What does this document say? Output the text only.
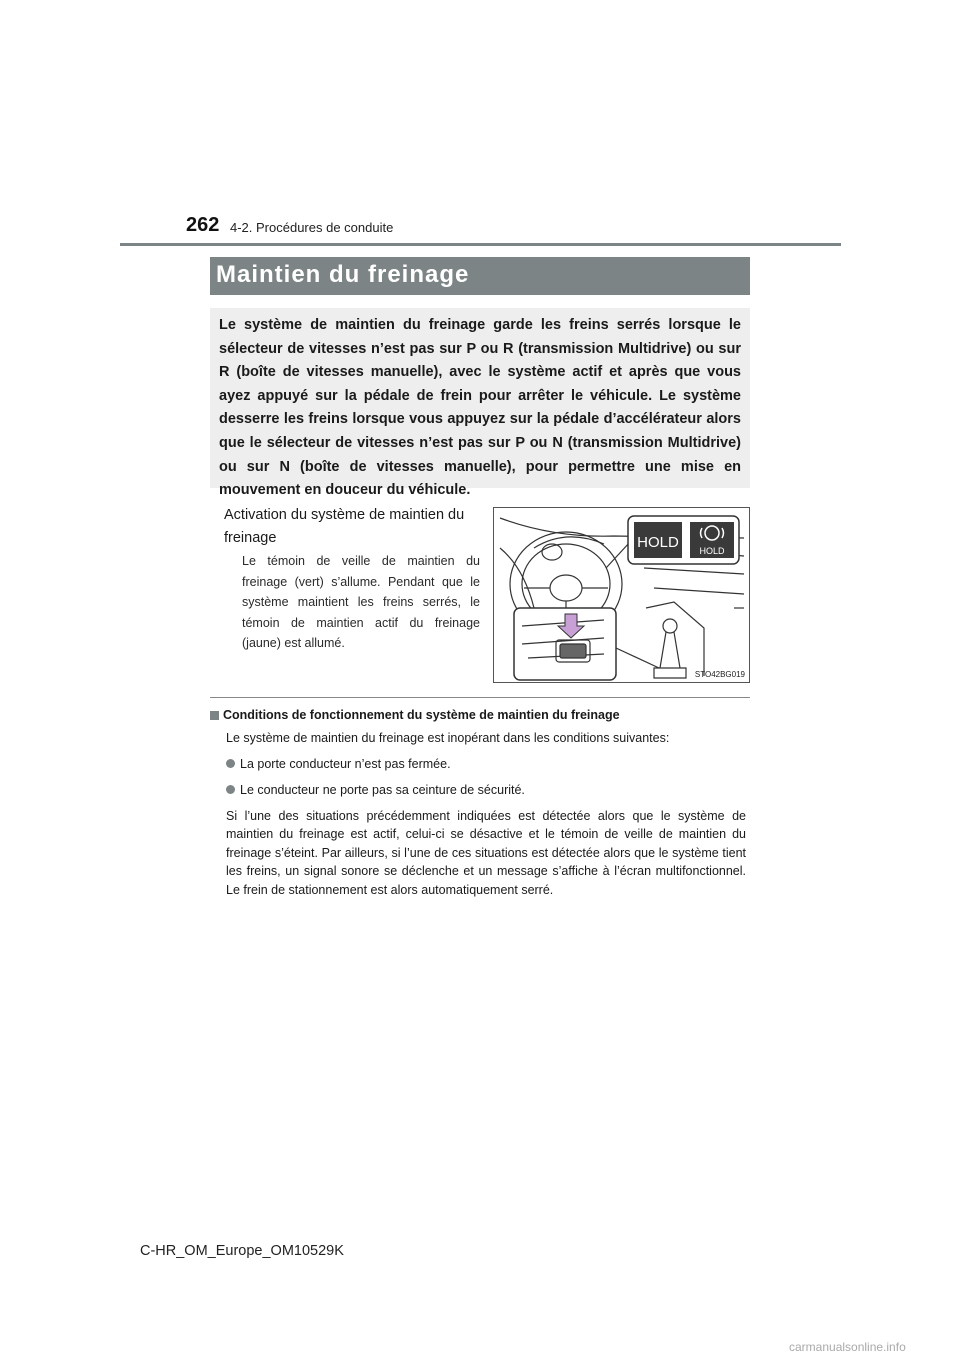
262 4-2. Procédures de conduite
Maintien du freinage
Le système de maintien du freinage garde les freins serrés lorsque le sélecteur de vitesses n’est pas sur P ou R (transmission Multidrive) ou sur R (boîte de vitesses manuelle), avec le système actif et après que vous ayez appuyé sur la pédale de frein pour arrêter le véhicule. Le système desserre les freins lorsque vous appuyez sur la pédale d’accélérateur alors que le sélecteur de vitesses n’est pas sur P ou N (transmission Multidrive) ou sur N (boîte de vitesses manuelle), pour permettre une mise en mouvement en douceur du véhicule.
Activation du système de maintien du freinage
Le témoin de veille de maintien du freinage (vert) s’allume. Pendant que le système maintient les freins serrés, le témoin de maintien actif du freinage (jaune) est allumé.
HOLD HOLD
STO42BG019

Conditions de fonctionnement du système de maintien du freinage

Le système de maintien du freinage est inopérant dans les conditions suivantes:

La porte conducteur n’est pas fermée.
Le conducteur ne porte pas sa ceinture de sécurité.

Si l’une des situations précédemment indiquées est détectée alors que le système de maintien du freinage est actif, celui-ci se désactive et le témoin de veille de maintien du freinage s’éteint. Par ailleurs, si l’une de ces situations est détectée alors que le système tient les freins, un signal sonore se déclenche et un message s’affiche à l’écran multifonctionnel. Le frein de stationnement est alors automatiquement serré.

C-HR_OM_Europe_OM10529K
carmanualsonline.info
